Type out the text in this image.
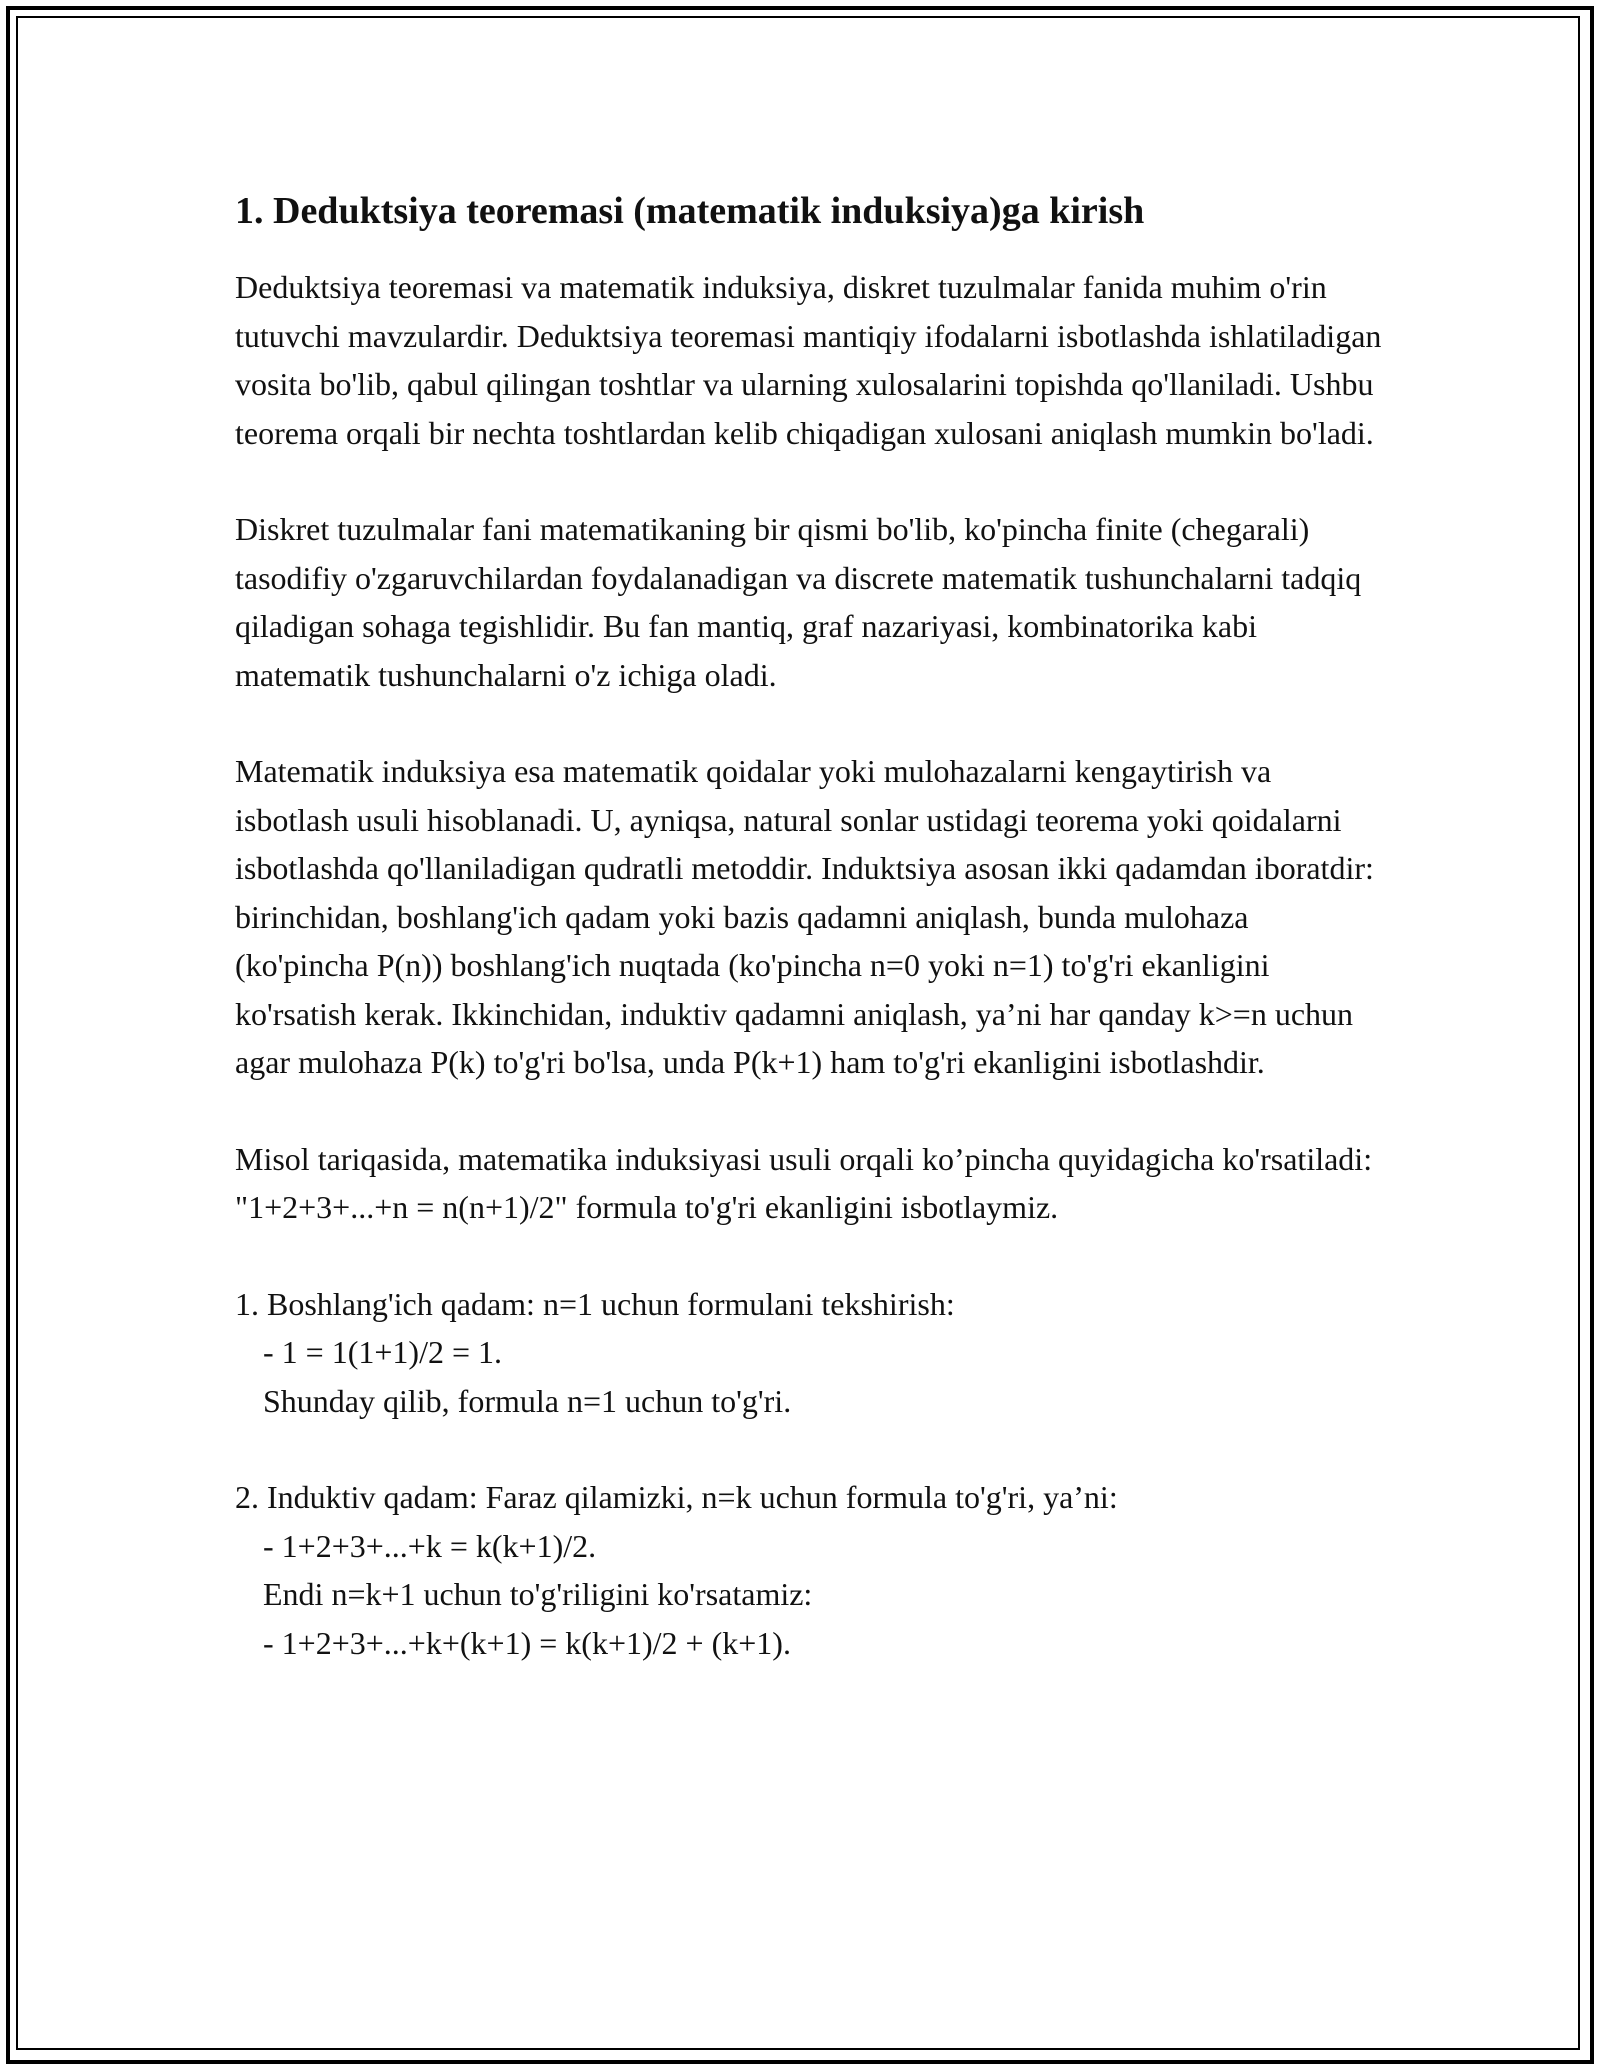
1. Deduktsiya teoremasi (matematik induksiya)ga kirish

Deduktsiya teoremasi va matematik induksiya, diskret tuzulmalar fanida muhim o'rin tutuvchi mavzulardir. Deduktsiya teoremasi mantiqiy ifodalarni isbotlashda ishlatiladigan vosita bo'lib, qabul qilingan toshtlar va ularning xulosalarini topishda qo'llaniladi. Ushbu teorema orqali bir nechta toshtlardan kelib chiqadigan xulosani aniqlash mumkin bo'ladi.

Diskret tuzulmalar fani matematikaning bir qismi bo'lib, ko'pincha finite (chegarali) tasodifiy o'zgaruvchilardan foydalanadigan va discrete matematik tushunchalarni tadqiq qiladigan sohaga tegishlidir. Bu fan mantiq, graf nazariyasi, kombinatorika kabi matematik tushunchalarni o'z ichiga oladi.

Matematik induksiya esa matematik qoidalar yoki mulohazalarni kengaytirish va isbotlash usuli hisoblanadi. U, ayniqsa, natural sonlar ustidagi teorema yoki qoidalarni isbotlashda qo'llaniladigan qudratli metoddir. Induktsiya asosan ikki qadamdan iboratdir: birinchidan, boshlang'ich qadam yoki bazis qadamni aniqlash, bunda mulohaza (ko'pincha P(n)) boshlang'ich nuqtada (ko'pincha n=0 yoki n=1) to'g'ri ekanligini ko'rsatish kerak. Ikkinchidan, induktiv qadamni aniqlash, ya’ni har qanday k>=n uchun agar mulohaza P(k) to'g'ri bo'lsa, unda P(k+1) ham to'g'ri ekanligini isbotlashdir.

Misol tariqasida, matematika induksiyasi usuli orqali ko’pincha quyidagicha ko'rsatiladi: "1+2+3+...+n = n(n+1)/2" formula to'g'ri ekanligini isbotlaymiz.

1. Boshlang'ich qadam: n=1 uchun formulani tekshirish:
- 1 = 1(1+1)/2 = 1.
Shunday qilib, formula n=1 uchun to'g'ri.
2. Induktiv qadam: Faraz qilamizki, n=k uchun formula to'g'ri, ya’ni:
- 1+2+3+...+k = k(k+1)/2.
Endi n=k+1 uchun to'g'riligini ko'rsatamiz:
- 1+2+3+...+k+(k+1) = k(k+1)/2 + (k+1).
